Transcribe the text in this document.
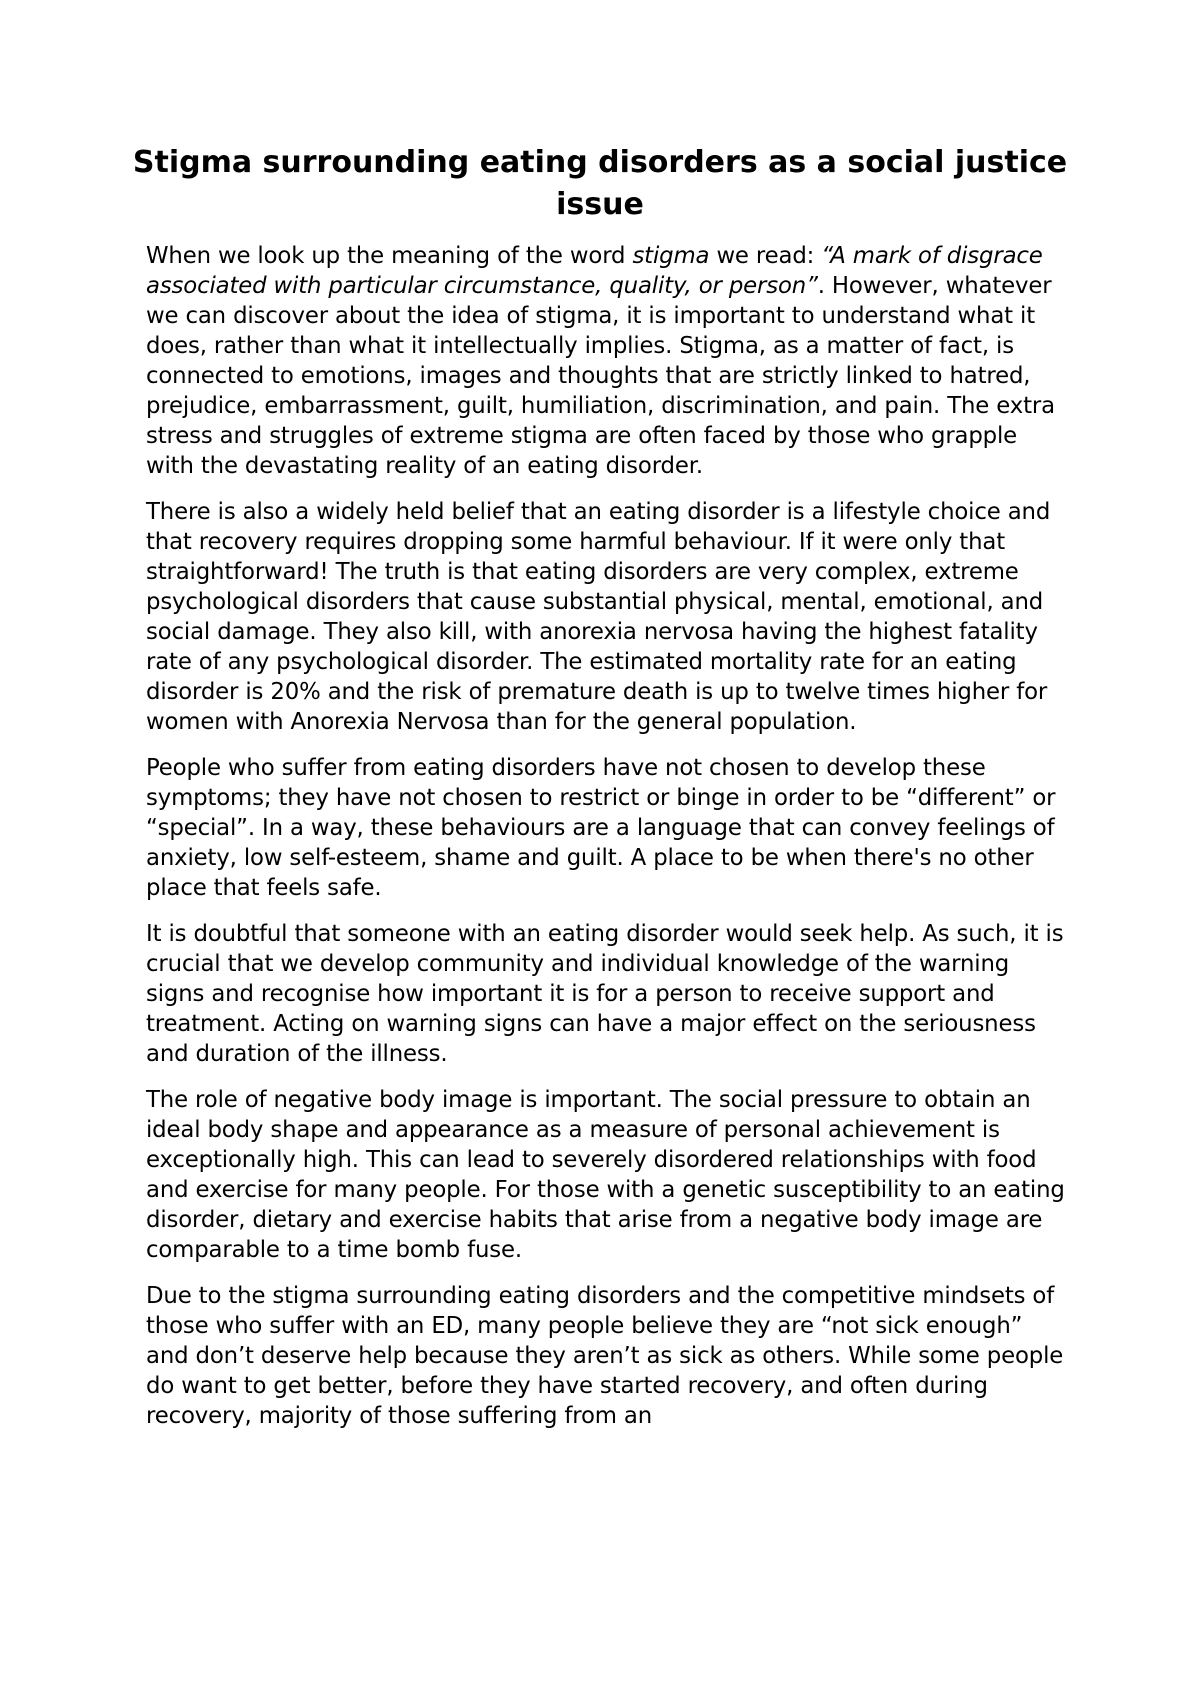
Stigma surrounding eating disorders as a social justice issue

When we look up the meaning of the word stigma we read: “A mark of disgrace associated with particular circumstance, quality, or person”. However, whatever we can discover about the idea of stigma, it is important to understand what it does, rather than what it intellectually implies. Stigma, as a matter of fact, is connected to emotions, images and thoughts that are strictly linked to hatred, prejudice, embarrassment, guilt, humiliation, discrimination, and pain. The extra stress and struggles of extreme stigma are often faced by those who grapple with the devastating reality of an eating disorder.

There is also a widely held belief that an eating disorder is a lifestyle choice and that recovery requires dropping some harmful behaviour. If it were only that straightforward! The truth is that eating disorders are very complex, extreme psychological disorders that cause substantial physical, mental, emotional, and social damage. They also kill, with anorexia nervosa having the highest fatality rate of any psychological disorder. The estimated mortality rate for an eating disorder is 20% and the risk of premature death is up to twelve times higher for women with Anorexia Nervosa than for the general population.

People who suffer from eating disorders have not chosen to develop these symptoms; they have not chosen to restrict or binge in order to be “different” or “special”. In a way, these behaviours are a language that can convey feelings of anxiety, low self-esteem, shame and guilt. A place to be when there's no other place that feels safe.

It is doubtful that someone with an eating disorder would seek help. As such, it is crucial that we develop community and individual knowledge of the warning signs and recognise how important it is for a person to receive support and treatment. Acting on warning signs can have a major effect on the seriousness and duration of the illness.

The role of negative body image is important. The social pressure to obtain an ideal body shape and appearance as a measure of personal achievement is exceptionally high. This can lead to severely disordered relationships with food and exercise for many people. For those with a genetic susceptibility to an eating disorder, dietary and exercise habits that arise from a negative body image are comparable to a time bomb fuse.

Due to the stigma surrounding eating disorders and the competitive mindsets of those who suffer with an ED, many people believe they are “not sick enough” and don’t deserve help because they aren’t as sick as others. While some people do want to get better, before they have started recovery, and often during recovery, majority of those suffering from an
